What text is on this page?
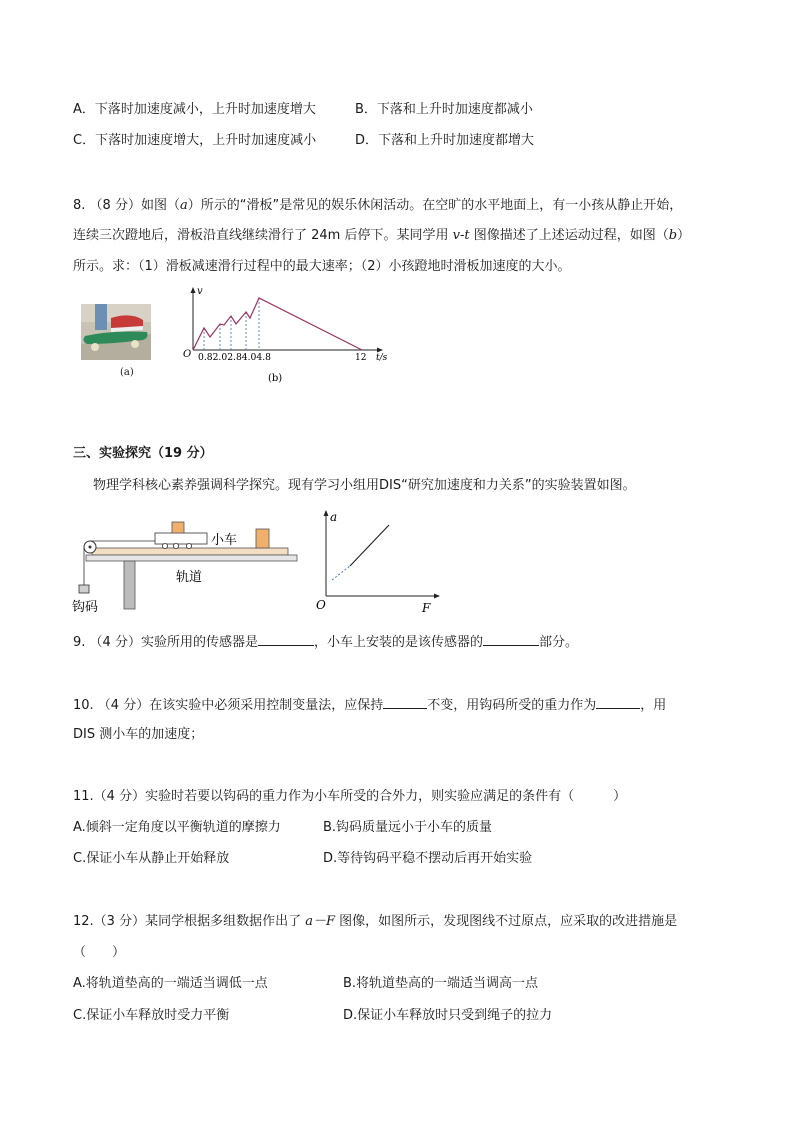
A．下落时加速度减小，上升时加速度增大	B．下落和上升时加速度都减小
C．下落时加速度增大，上升时加速度减小	D．下落和上升时加速度都增大
8. （8 分）如图（a）所示的“滑板”是常见的娱乐休闲活动。在空旷的水平地面上，有一小孩从静止开始，
连续三次蹬地后，滑板沿直线继续滑行了 24m 后停下。某同学用 v-t 图像描述了上述运动过程，如图（b）
所示。求：（1）滑板减速滑行过程中的最大速率；（2）小孩蹬地时滑板加速度的大小。
(a)
v
O 0.82.02.84.04.8	12 t/s
(b)
三、实验探究（19 分）
物理学科核心素养强调科学探究。现有学习小组用DIS“研究加速度和力关系”的实验装置如图。
小车
轨道
钩码
a
O	F
9. （4 分）实验所用的传感器是	，小车上安装的是该传感器的	部分。
10. （4 分）在该实验中必须采用控制变量法，应保持	不变，用钩码所受的重力作为	，用
DIS 测小车的加速度；
11.（4 分）实验时若要以钩码的重力作为小车所受的合外力，则实验应满足的条件有（　　　）
A.倾斜一定角度以平衡轨道的摩擦力	B.钩码质量远小于小车的质量
C.保证小车从静止开始释放	D.等待钩码平稳不摆动后再开始实验
12.（3 分）某同学根据多组数据作出了 a－F 图像，如图所示，发现图线不过原点，应采取的改进措施是
（　　）
A.将轨道垫高的一端适当调低一点	B.将轨道垫高的一端适当调高一点
C.保证小车释放时受力平衡	D.保证小车释放时只受到绳子的拉力
